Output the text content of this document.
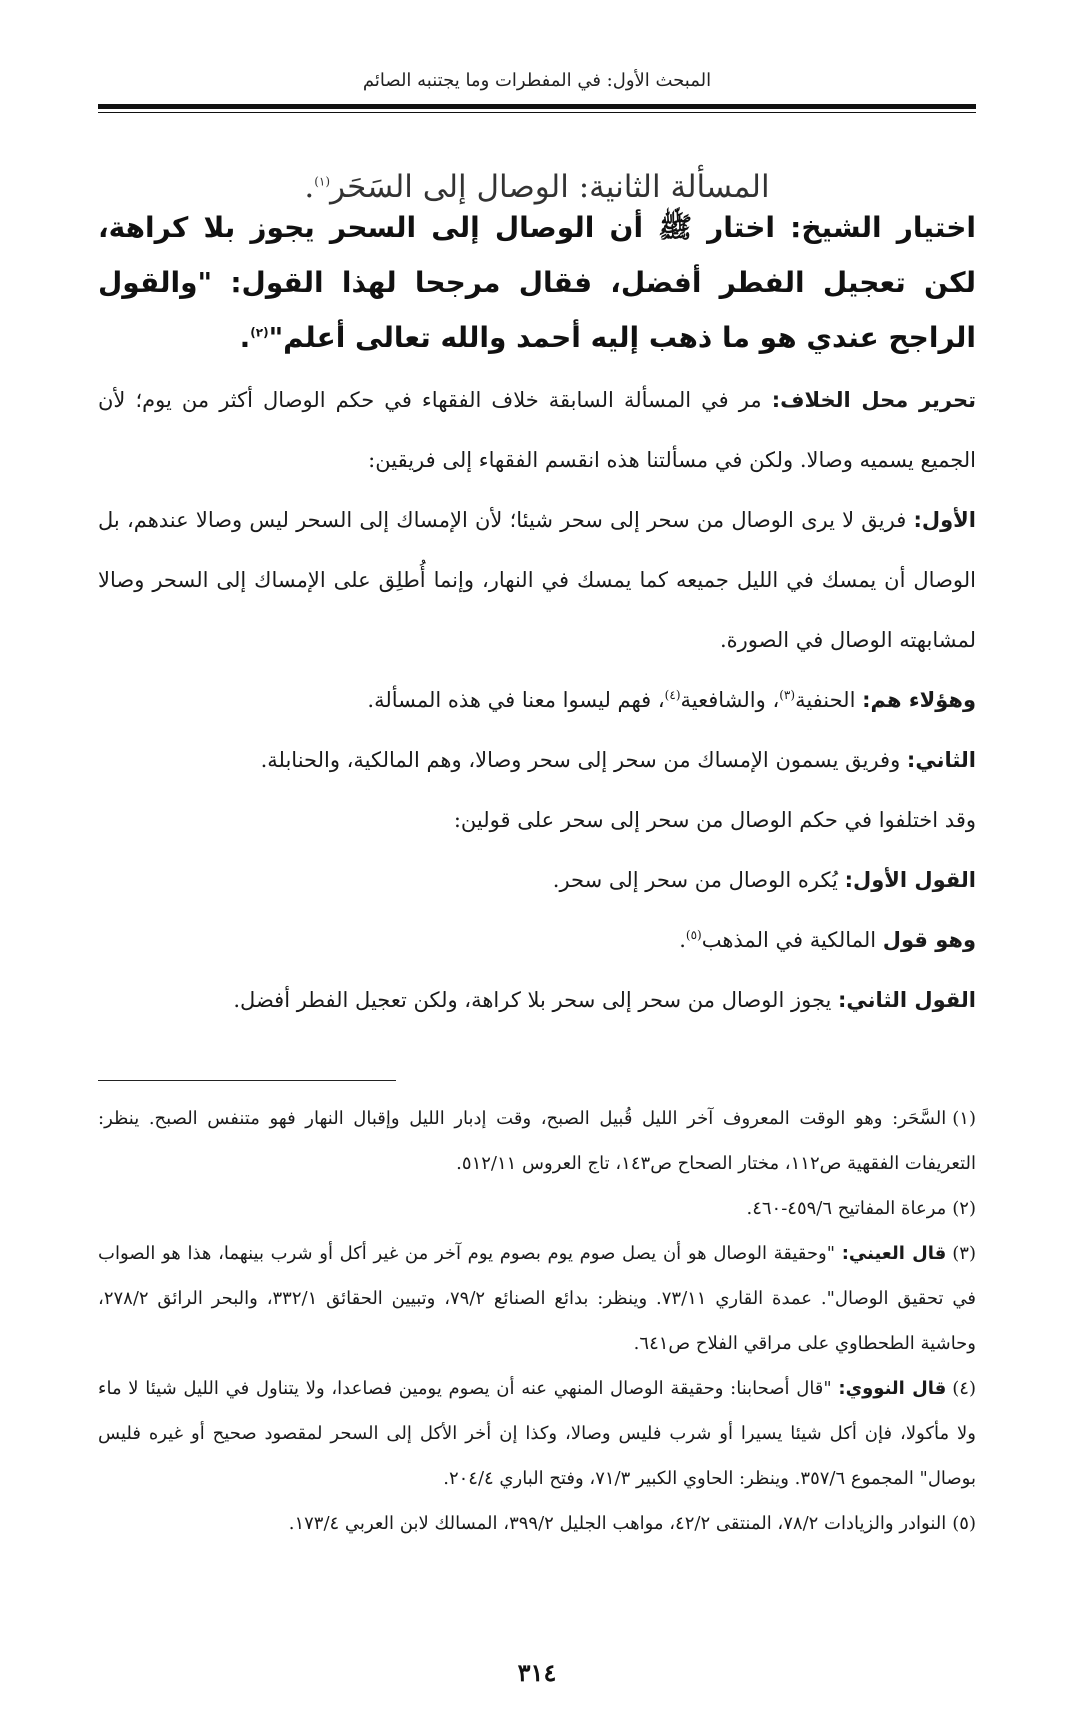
المبحث الأول: في المفطرات وما يجتنبه الصائم
المسألة الثانية: الوصال إلى السَحَر$^{(١)}$.
اختيار الشيخ: اختار ﷺ أن الوصال إلى السحر يجوز بلا كراهة، لكن تعجيل الفطر أفضل، فقال مرجحا لهذا القول: "والقول الراجح عندي هو ما ذهب إليه أحمد والله تعالى أعلم"$^{(٢)}$.

تحرير محل الخلاف: مر في المسألة السابقة خلاف الفقهاء في حكم الوصال أكثر من يوم؛ لأن الجميع يسميه وصالا. ولكن في مسألتنا هذه انقسم الفقهاء إلى فريقين:

الأول: فريق لا يرى الوصال من سحر إلى سحر شيئا؛ لأن الإمساك إلى السحر ليس وصالا عندهم، بل الوصال أن يمسك في الليل جميعه كما يمسك في النهار، وإنما أُطلِق على الإمساك إلى السحر وصالا لمشابهته الوصال في الصورة.

وهؤلاء هم: الحنفية$^{(٣)}$، والشافعية$^{(٤)}$، فهم ليسوا معنا في هذه المسألة.

الثاني: وفريق يسمون الإمساك من سحر إلى سحر وصالا، وهم المالكية، والحنابلة.

وقد اختلفوا في حكم الوصال من سحر إلى سحر على قولين:

القول الأول: يُكره الوصال من سحر إلى سحر.

وهو قول المالكية في المذهب$^{(٥)}$.

القول الثاني: يجوز الوصال من سحر إلى سحر بلا كراهة، ولكن تعجيل الفطر أفضل.

(١)السَّحَر: وهو الوقت المعروف آخر الليل قُبيل الصبح، وقت إدبار الليل وإقبال النهار فهو متنفس الصبح. ينظر: التعريفات الفقهية ص١١٢، مختار الصحاح ص١٤٣، تاج العروس ٥١٢/١١.

(٢)مرعاة المفاتيح ٤٥٩/٦-٤٦٠.

(٣)قال العيني: "وحقيقة الوصال هو أن يصل صوم يوم بصوم يوم آخر من غير أكل أو شرب بينهما، هذا هو الصواب في تحقيق الوصال". عمدة القاري ٧٣/١١. وينظر: بدائع الصنائع ٧٩/٢، وتبيين الحقائق ٣٣٢/١، والبحر الرائق ٢٧٨/٢، وحاشية الطحطاوي على مراقي الفلاح ص٦٤١.

(٤)قال النووي: "قال أصحابنا: وحقيقة الوصال المنهي عنه أن يصوم يومين فصاعدا، ولا يتناول في الليل شيئا لا ماء ولا مأكولا، فإن أكل شيئا يسيرا أو شرب فليس وصالا، وكذا إن أخر الأكل إلى السحر لمقصود صحيح أو غيره فليس بوصال" المجموع ٣٥٧/٦. وينظر: الحاوي الكبير ٧١/٣، وفتح الباري ٢٠٤/٤.

(٥)النوادر والزيادات ٧٨/٢، المنتقى ٤٢/٢، مواهب الجليل ٣٩٩/٢، المسالك لابن العربي ١٧٣/٤.

٣١٤
